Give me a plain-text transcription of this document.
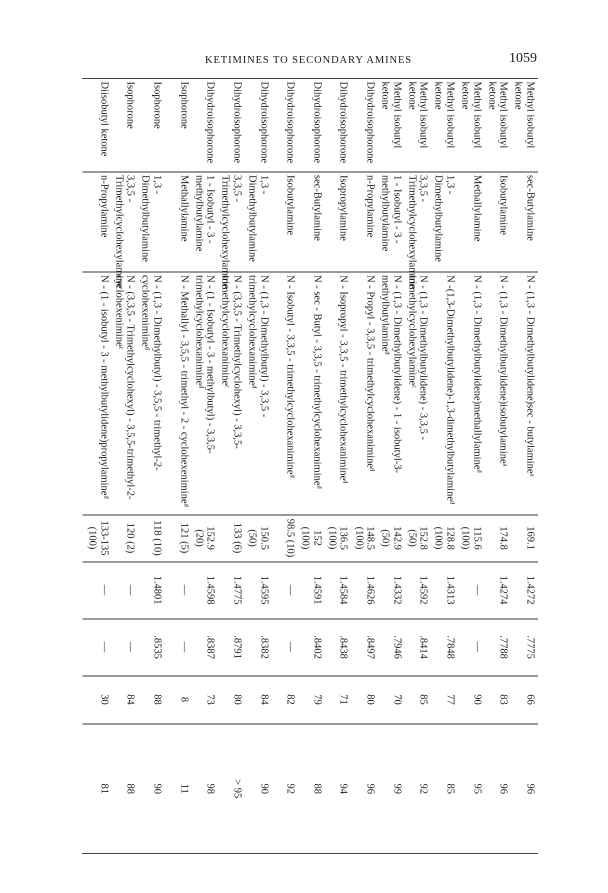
KETIMINES TO SECONDARY AMINES	1059
Methyl isobutyl ketone	sec-Butylamine	N - (1,3 - Dimethylbutylidene)sec - butylamineᵃ	169.1	1.4272	.7775	66	96
Methyl isobutyl ketone	Isobutylamine	N - (1,3 - Dimethylbutylidene)isobutylamineᵃ	174.8	1.4274	.7788	83	96
Methyl isobutyl ketone	Methallylamine	N - (1,3 - Dimethylbutylidene)methallylamineᵈ	115.6 (100)	—	—	90	95
Methyl isobutyl ketone	1,3 - Dimethylbutylamine	N -(1,3-Dimethylbutylidene)-1,3-dimethylbutylamineᵈ	128.8 (100)	1.4313	.7848	77	85
Methyl isobutyl ketone	3,3,5 - Trimethylcyclohexylamine	N - (1,3 - Dimethylbutylidene) - 3,3,5 - trimethylcyclohexylamineᶜ	152.8 (50)	1.4592	.8414	85	92
Methyl isobutyl ketone	1 - Isobutyl - 3 - methylbutylamine	N - (1,3 - Dimethylbutylidene) - 1 - isobutyl-3-methylbutylamineᵈ	142.9 (50)	1.4332	.7946	70	99
Dihydroisophorone	n-Propylamine	N - Propyl - 3,3,5 - trimethylcyclohexanimineᵈ	148.5 (100)	1.4626	.8497	80	96
Dihydroisophorone	Isopropylamine	N - Isopropyl - 3,3,5 - trimethylcyclohexanimineᵈ	136.5 (100)	1.4584	.8438	71	94
Dihydroisophorone	sec-Butylamine	N - sec - Butyl - 3,3,5 - trimethylcyclohexanimineᵈ	152 (100)	1.4591	.8402	79	88
Dihydroisophorone	Isobutylamine	N - Isobutyl - 3,3,5 - trimethylcyclohexanimineᵈ	98.5 (10)	—	—	82	92
Dihydroisophorone	1,3 - Dimethylbutylamine	N - (1,3 - Dimethylbutyl) - 3,3,5 - trimethylcyclohexanimineᵈ	150.5 (50)	1.4595	.8382	84	90
Dihydroisophorone	3,3,5 - Trimethylcyclohexylamine	N - (3,3,5 - Trimethylcyclohexyl) - 3,3,5-trimethylcyclohexanimineᶜ	133 (6)	1.4775	.8791	80	> 95
Dihydroisophorone	1 - Isobutyl - 3 - methylbutylamine	N - (1 - Isobutyl - 3 - methylbutyl) - 3,3,5-trimethylcyclohexanimineᵈ	152.9 (20)	1.4598	.8387	73	98
Isophorone	Methallylamine	N - Methallyl - 3,5,5 - trimethyl - 2 - cyclohexenimineᵈ	121 (5)	—	—	8	11
Isophorone	1,3 - Dimethylbutylamine	N - (1,3 - Dimethylbutyl) - 3,5,5 - trimethyl-2-cyclohexenimineᵈ	118 (10)	1.4801	.8535	88	90
Isophorone	3,3,5 - Trimethylcyclohexylamine	N - (3,3,5 - Trimethylcyclohexyl) - 3,5,5-trimethyl-2-cyclohexenimineᶜ	120 (2)	—	—	84	88
Diisobutyl ketone	n-Propylamine	N - (1 - isobutyl - 3 - methylbutylidene)propylamineᵈ	133-135 (100)	—	—	30	81
